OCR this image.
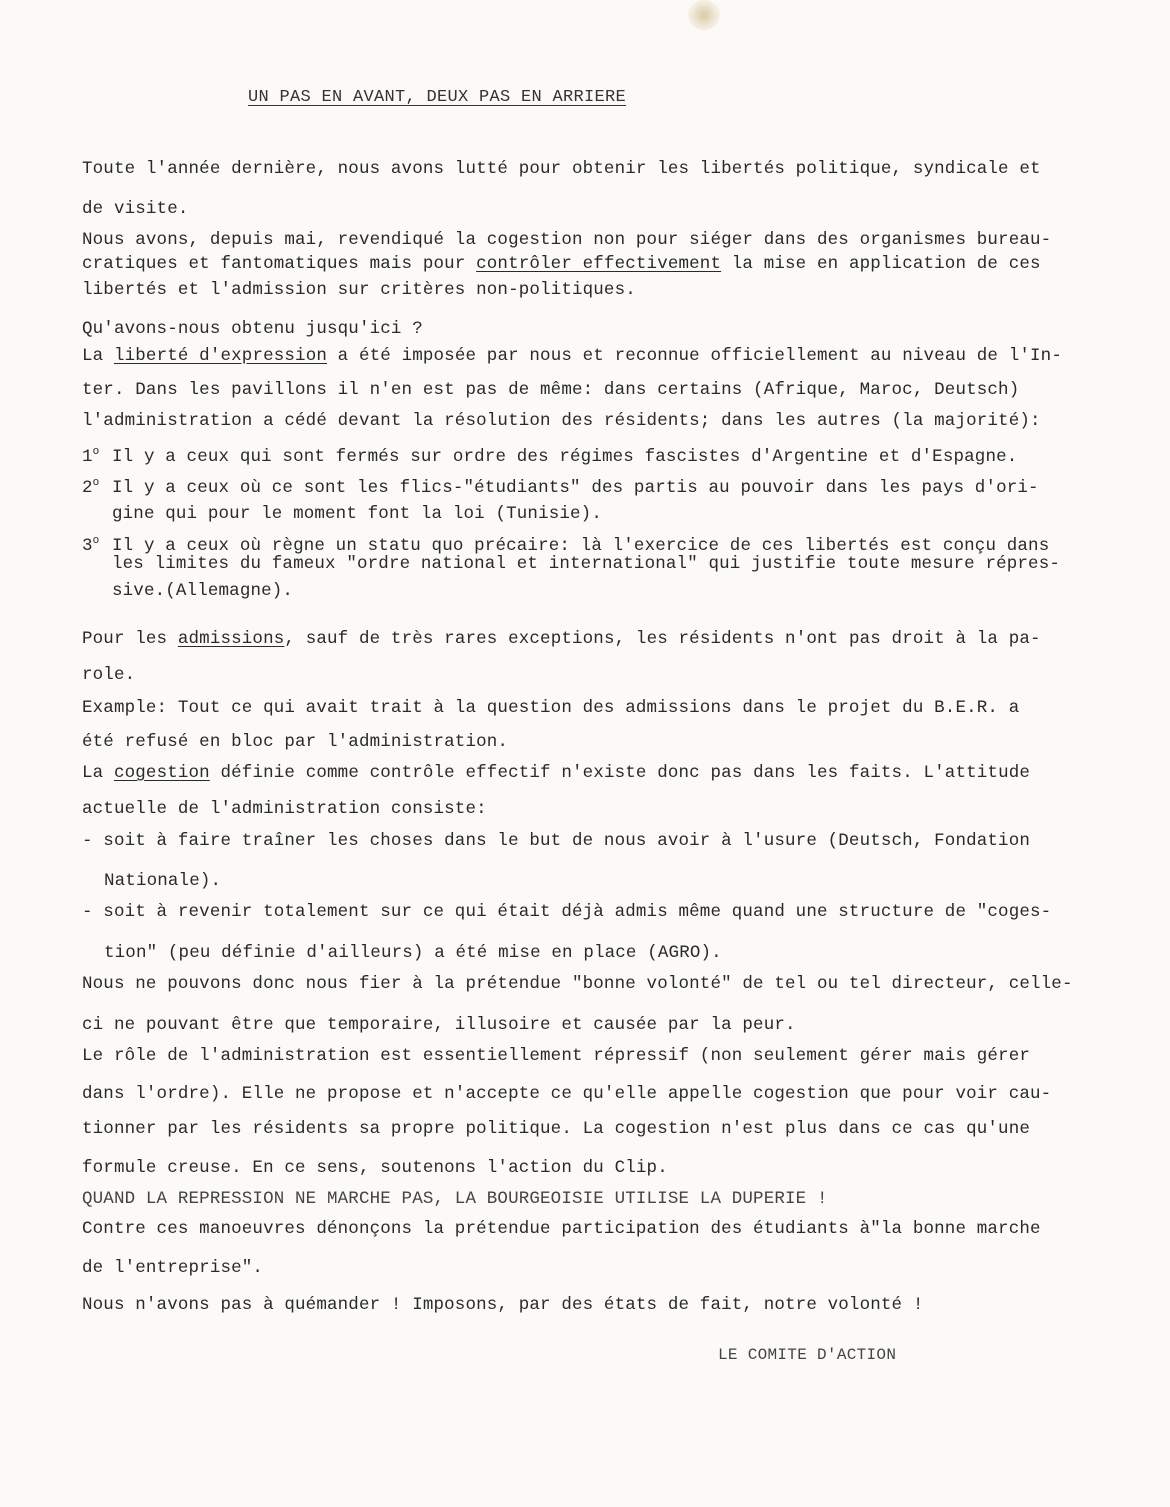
UN PAS EN AVANT, DEUX PAS EN ARRIERE
Toute l'année dernière, nous avons lutté pour obtenir les libertés politique, syndicale et
de visite.
Nous avons, depuis mai, revendiqué la cogestion non pour siéger dans des organismes bureau-
cratiques et fantomatiques mais pour contrôler effectivement la mise en application de ces
libertés et l'admission sur critères non-politiques.
Qu'avons-nous obtenu jusqu'ici ?
La liberté d'expression a été imposée par nous et reconnue officiellement au niveau de l'In-
ter. Dans les pavillons il n'en est pas de même: dans certains (Afrique, Maroc, Deutsch)
l'administration a cédé devant la résolution des résidents; dans les autres (la majorité):
1$^o$ Il y a ceux qui sont fermés sur ordre des régimes fascistes d'Argentine et d'Espagne.
2$^o$ Il y a ceux où ce sont les flics-"étudiants" des partis au pouvoir dans les pays d'ori-
gine qui pour le moment font la loi (Tunisie).
3$^o$ Il y a ceux où règne un statu quo précaire: là l'exercice de ces libertés est conçu dans
les limites du fameux "ordre national et international" qui justifie toute mesure répres-
sive.(Allemagne).
Pour les admissions, sauf de très rares exceptions, les résidents n'ont pas droit à la pa-
role.
Example: Tout ce qui avait trait à la question des admissions dans le projet du B.E.R. a
été refusé en bloc par l'administration.
La cogestion définie comme contrôle effectif n'existe donc pas dans les faits. L'attitude
actuelle de l'administration consiste:
- soit à faire traîner les choses dans le but de nous avoir à l'usure (Deutsch, Fondation
Nationale).
- soit à revenir totalement sur ce qui était déjà admis même quand une structure de "coges-
tion" (peu définie d'ailleurs) a été mise en place (AGRO).
Nous ne pouvons donc nous fier à la prétendue "bonne volonté" de tel ou tel directeur, celle-
ci ne pouvant être que temporaire, illusoire et causée par la peur.
Le rôle de l'administration est essentiellement répressif (non seulement gérer mais gérer
dans l'ordre). Elle ne propose et n'accepte ce qu'elle appelle cogestion que pour voir cau-
tionner par les résidents sa propre politique. La cogestion n'est plus dans ce cas qu'une
formule creuse. En ce sens, soutenons l'action du Clip.
QUAND LA REPRESSION NE MARCHE PAS, LA BOURGEOISIE UTILISE LA DUPERIE !
Contre ces manoeuvres dénonçons la prétendue participation des étudiants à"la bonne marche
de l'entreprise".
Nous n'avons pas à quémander ! Imposons, par des états de fait, notre volonté !
LE COMITE D'ACTION
